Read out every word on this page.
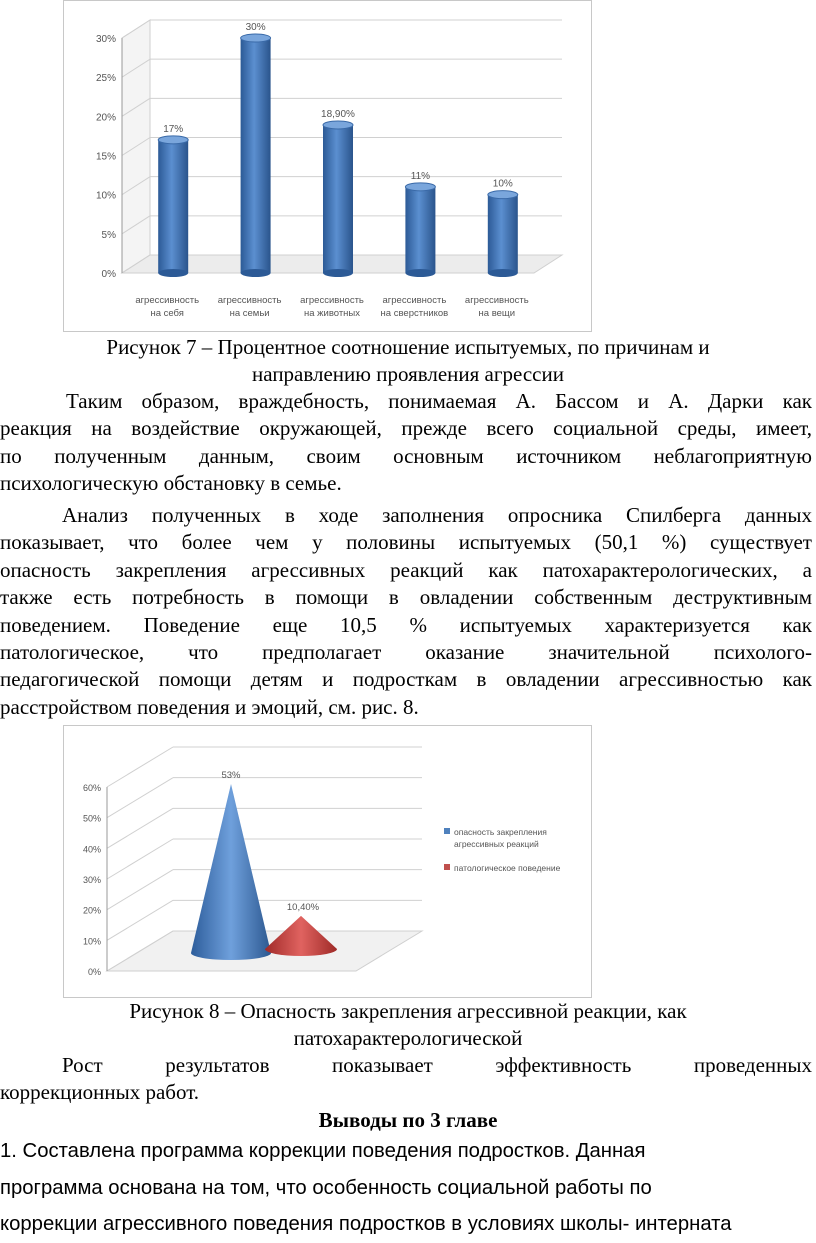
0%
5%
10%
15%
20%
25%
30%
17%
агрессивность
на себя
30%
агрессивность
на семьи
18,90%
агрессивность
на животных
11%
агрессивность
на сверстников
10%
агрессивность
на вещи
Рисунок 7 – Процентное соотношение испытуемых, по причинам и
направлению проявления агрессии
Таким образом, враждебность, понимаемая А. Бассом и А. Дарки как
реакция на воздействие окружающей, прежде всего социальной среды, имеет,
по полученным данным, своим основным источником неблагоприятную
психологическую обстановку в семье.
Анализ полученных в ходе заполнения опросника Спилберга данных
показывает, что более чем у половины испытуемых (50,1 %) существует
опасность закрепления агрессивных реакций как патохарактерологических, а
также есть потребность в помощи в овладении собственным деструктивным
поведением. Поведение еще 10,5 % испытуемых характеризуется как
патологическое, что предполагает оказание значительной психолого-
педагогической помощи детям и подросткам в овладении агрессивностью как
расстройством поведения и эмоций, см. рис. 8.
0%
10%
20%
30%
40%
50%
60%
53%
10,40%
опасность закрепления
агрессивных реакций
патологическое поведение
Рисунок 8 – Опасность закрепления агрессивной реакции, как
патохарактерологической
Рост результатов показывает эффективность проведенных
коррекционных работ.
Выводы по 3 главе
1. Составлена программа коррекции поведения подростков. Данная
программа основана на том, что особенность социальной работы по
коррекции агрессивного поведения подростков в условиях школы- интерната
